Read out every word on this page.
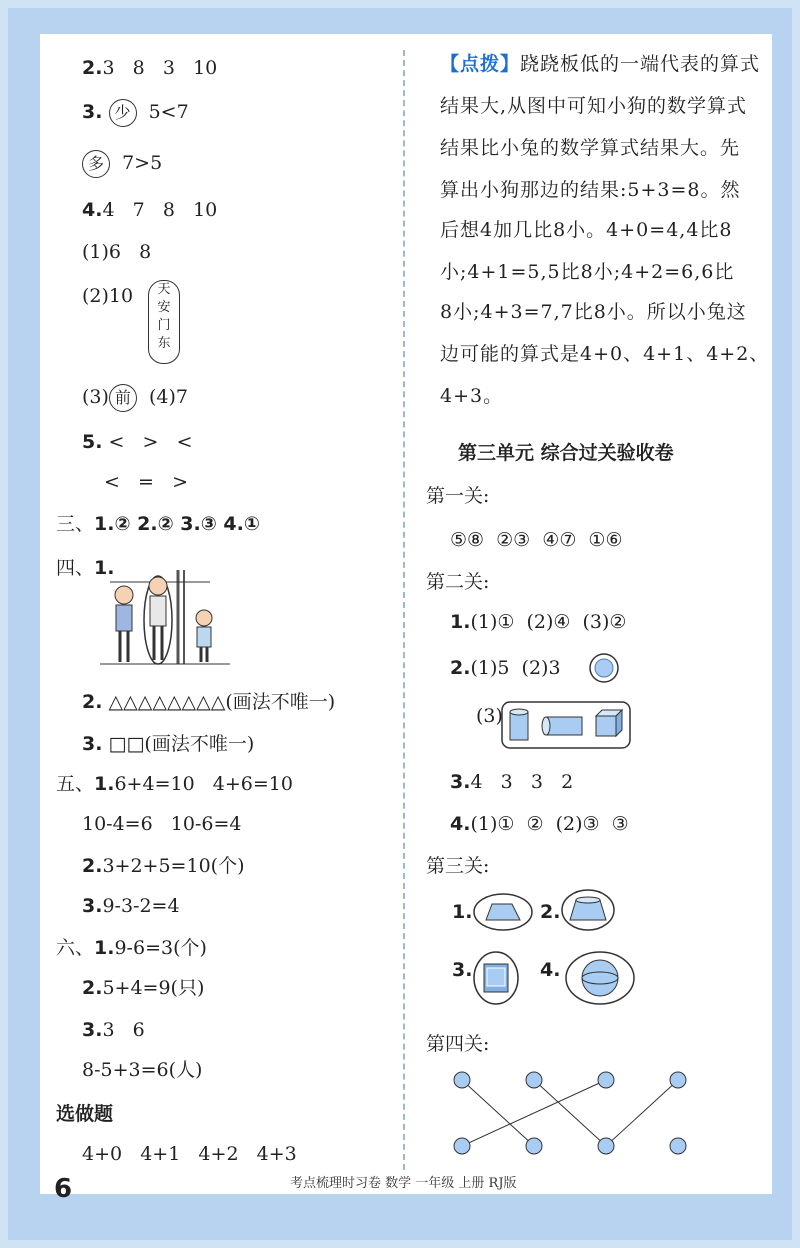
2.3   8   3   10
3. 少 5<7
多 7>5
4.4   7   8   10
(1)6   8
(2)10	天
安
门
东
(3) 前 (4)7
5. <   >   <
<   =   >
三、1.② 2.② 3.③ 4.①
四、1.
2. △△△△△△△△(画法不唯一)
3. □□(画法不唯一)
五、1.6+4=10   4+6=10
10-4=6   10-6=4
2.3+2+5=10(个)
3.9-3-2=4
六、1.9-6=3(个)
2.5+4=9(只)
3.3   6
8-5+3=6(人)
选做题
4+0   4+1   4+2   4+3
【点拨】跷跷板低的一端代表的算式
结果大,从图中可知小狗的数学算式
结果比小兔的数学算式结果大。先
算出小狗那边的结果:5+3=8。然
后想4加几比8小。4+0=4,4比8
小;4+1=5,5比8小;4+2=6,6比
8小;4+3=7,7比8小。所以小兔这
边可能的算式是4+0、4+1、4+2、
4+3。
第三单元 综合过关验收卷
第一关:
⑤⑧  ②③  ④⑦  ①⑥
第二关:
1.(1)①  (2)④  (3)②
2.(1)5  (2)3
(3)
3.4   3   3   2
4.(1)①  ②  (2)③  ③
第三关:
1.	2.
3.	4.
第四关:
6	考点梳理时习卷 数学 一年级 上册 RJ版
